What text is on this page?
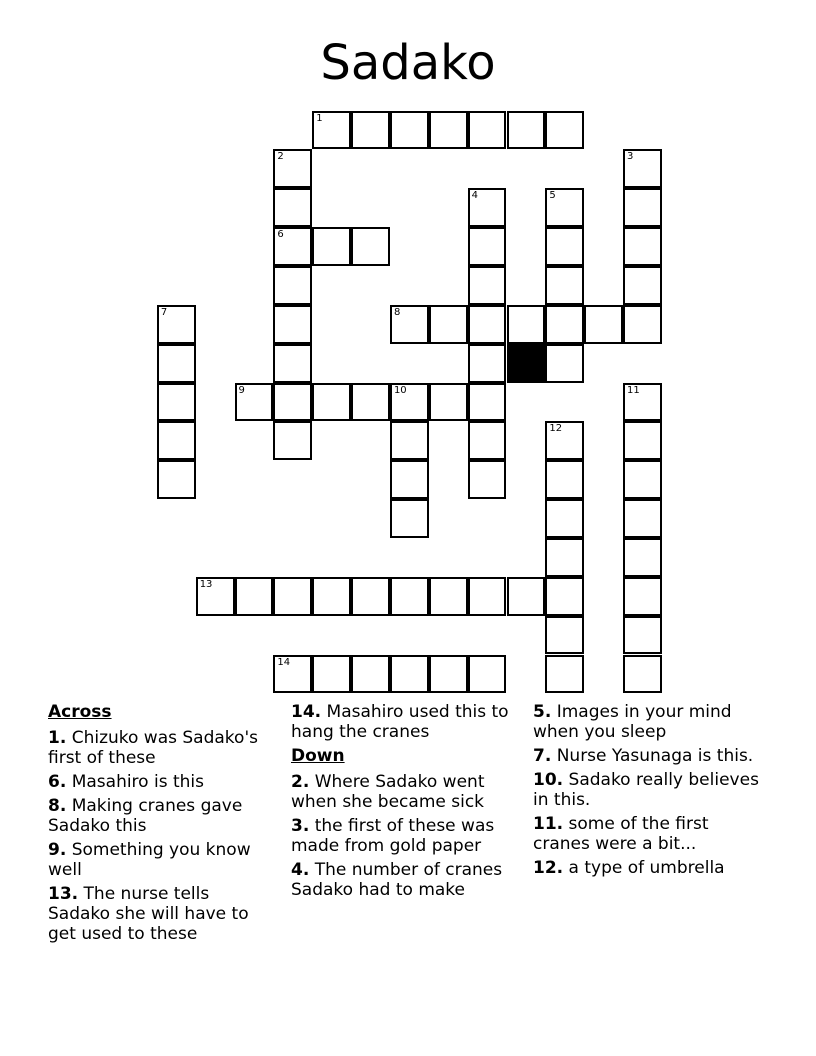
Sadako
1
2	3
4	5
6
7	8
9	10	11
12
13
14
Across
1. Chizuko was Sadako's first of these
6. Masahiro is this
8. Making cranes gave Sadako this
9. Something you know well
13. The nurse tells Sadako she will have to get used to these
14. Masahiro used this to hang the cranes
Down
2. Where Sadako went when she became sick
3. the first of these was made from gold paper
4. The number of cranes Sadako had to make
5. Images in your mind when you sleep
7. Nurse Yasunaga is this.
10. Sadako really believes in this.
11. some of the first cranes were a bit...
12. a type of umbrella
